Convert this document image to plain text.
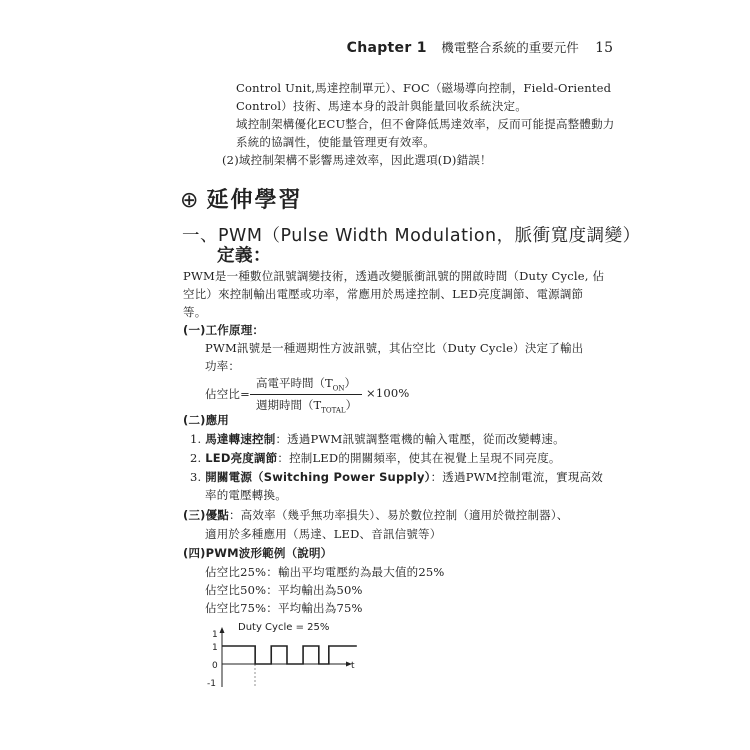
Chapter 1 機電整合系統的重要元件 15
Control Unit,馬達控制單元）、FOC（磁場導向控制，Field-Oriented
Control）技術、馬達本身的設計與能量回收系統決定。
域控制架構優化ECU整合，但不會降低馬達效率，反而可能提高整體動力
系統的協調性，使能量管理更有效率。
(2)域控制架構不影響馬達效率，因此選項(D)錯誤！
⊕ 延伸學習
一、PWM（Pulse Width Modulation，脈衝寬度調變）
定義：
PWM是一種數位訊號調變技術，透過改變脈衝訊號的開啟時間（Duty Cycle, 佔
空比）來控制輸出電壓或功率，常應用於馬達控制、LED亮度調節、電源調節
等。
(一)工作原理：
PWM訊號是一種週期性方波訊號，其佔空比（Duty Cycle）決定了輸出
功率：
佔空比=
高電平時間$(T_{ON})$
週期時間$(T_{TOTAL})$
×100%
(二)應用
1. 馬達轉速控制：透過PWM訊號調整電機的輸入電壓，從而改變轉速。
2. LED亮度調節：控制LED的開關頻率，使其在視覺上呈現不同亮度。
3. 開關電源（Switching Power Supply）：透過PWM控制電流，實現高效
率的電壓轉換。
(三)優點：高效率（幾乎無功率損失）、易於數位控制（適用於微控制器）、
適用於多種應用（馬達、LED、音訊信號等）
(四)PWM波形範例（說明）
佔空比25%：輸出平均電壓約為最大值的25%
佔空比50%：平均輸出為50%
佔空比75%：平均輸出為75%
Duty Cycle = 25%
1
1
0
-1
t
